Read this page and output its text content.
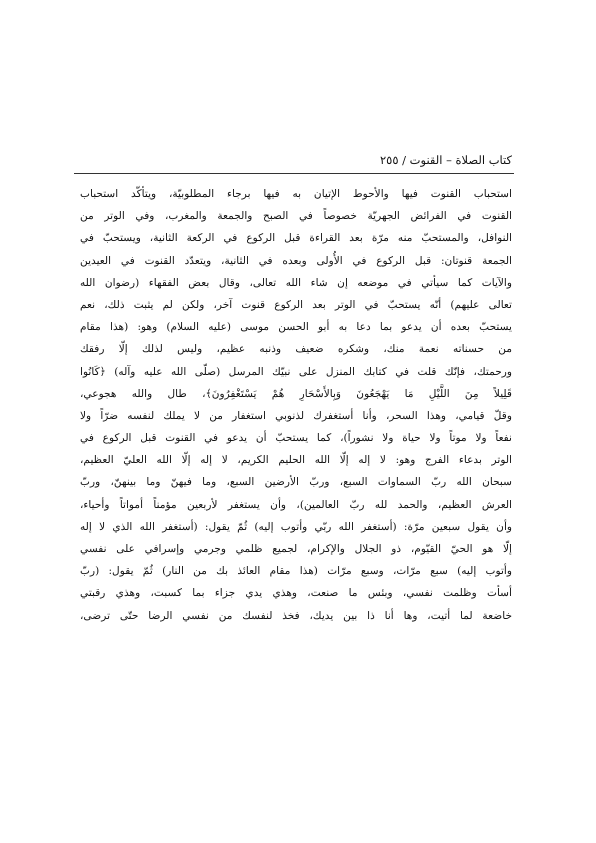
كتاب الصلاة – القنوت / ٢٥٥
استحباب القنوت فيها والأحوط الإتيان به فيها برجاء المطلوبيّة، ويتأكّد استحباب
القنوت في الفرائض الجهريّة خصوصاً في الصبح والجمعة والمغرب، وفي الوتر من
النوافل، والمستحبّ منه مرّة بعد القراءة قبل الركوع في الركعة الثانية، ويستحبّ في
الجمعة قنوتان: قبل الركوع في الأُولى وبعده في الثانية، ويتعدّد القنوت في العيدين
والآيات كما سيأتي في موضعه إن شاء الله تعالى، وقال بعض الفقهاء (رضوان الله
تعالى عليهم) أنّه يستحبّ في الوتر بعد الركوع قنوت آخر، ولكن لم يثبت ذلك، نعم
يستحبّ بعده أن يدعو بما دعا به أبو الحسن موسى (عليه السلام) وهو: (هذا مقام
من حسناته نعمة منك، وشكره ضعيف وذنبه عظيم، وليس لذلك إلّا رفقك
ورحمتك، فإنّك قلت في كتابك المنزل على نبيّك المرسل (صلّى الله عليه وآله) ﴿كَانُوا
قَلِيلاً مِنَ اللَّيْلِ مَا يَهْجَعُونَ وَبِالأَسْحَارِ هُمْ يَسْتَغْفِرُونَ﴾، طال والله هجوعي،
وقلّ قيامي، وهذا السحر، وأنا أستغفرك لذنوبي استغفار من لا يملك لنفسه ضرّاً ولا
نفعاً ولا موتاً ولا حياة ولا نشوراً)، كما يستحبّ أن يدعو في القنوت قبل الركوع في
الوتر بدعاء الفرج وهو: لا إله إلّا الله الحليم الكريم، لا إله إلّا الله العليّ العظيم،
سبحان الله ربّ السماوات السبع، وربّ الأرضين السبع، وما فيهنّ وما بينهنّ، وربّ
العرش العظيم، والحمد لله ربّ العالمين)، وأن يستغفر لأربعين مؤمناً أمواتاً وأحياء،
وأن يقول سبعين مرّة: (أستغفر الله ربّي وأتوب إليه) ثُمّ يقول: (أستغفر الله الذي لا إله
إلّا هو الحيّ القيّوم، ذو الجلال والإكرام، لجميع ظلمي وجرمي وإسرافي على نفسي
وأتوب إليه) سبع مرّات، وسبع مرّات (هذا مقام العائذ بك من النار) ثُمّ يقول: (ربّ
أسأت وظلمت نفسي، وبئس ما صنعت، وهذي يدي جزاء بما كسبت، وهذي رقبتي
خاضعة لما أتيت، وها أنا ذا بين يديك، فخذ لنفسك من نفسي الرضا حتّى ترضى،
